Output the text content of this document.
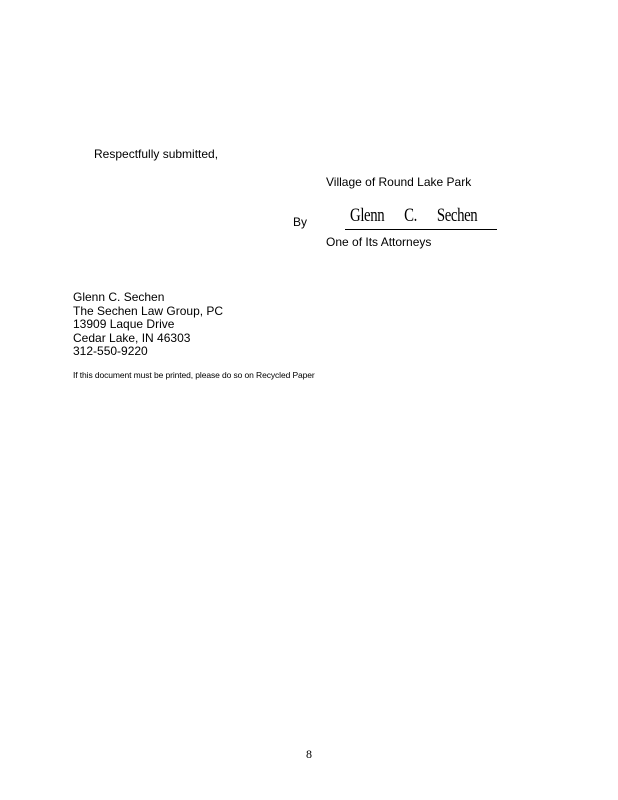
Respectfully submitted,
Village of Round Lake Park
By Glenn      C.      Sechen
One of Its Attorneys
Glenn C. Sechen
The Sechen Law Group, PC
13909 Laque Drive
Cedar Lake, IN 46303
312-550-9220
If this document must be printed, please do so on Recycled Paper
8
